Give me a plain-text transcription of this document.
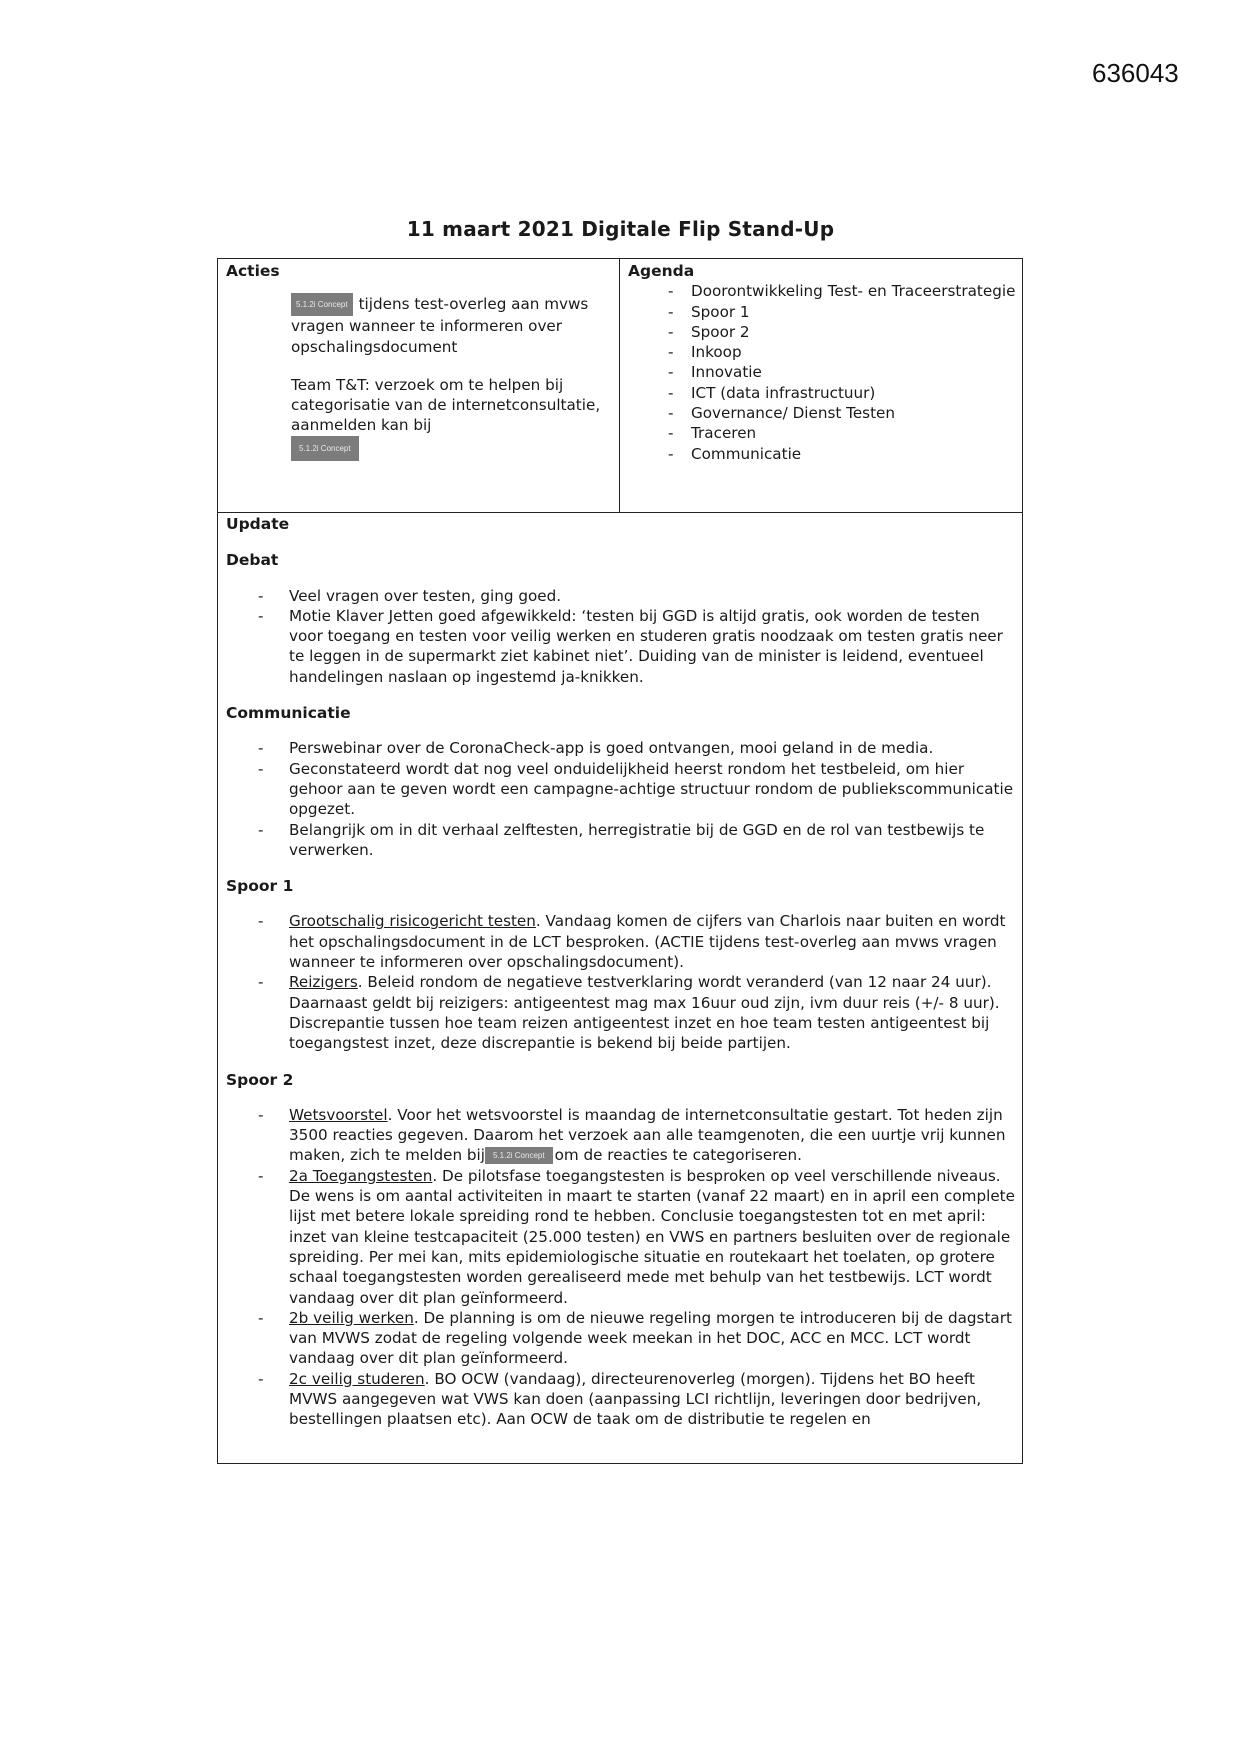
636043
11 maart 2021 Digitale Flip Stand-Up
Acties

5.1.2i Concept tijdens test-overleg aan mvws vragen wanneer te informeren over opschalingsdocument

Team T&T: verzoek om te helpen bij categorisatie van de internetconsultatie, aanmelden kan bij
5.1.2i Concept

Agenda
- Doorontwikkeling Test- en Traceerstrategie
- Spoor 1
- Spoor 2
- Inkoop
- Innovatie
- ICT (data infrastructuur)
- Governance/ Dienst Testen
- Traceren
- Communicatie
Update
Debat
- Veel vragen over testen, ging goed.
- Motie Klaver Jetten goed afgewikkeld: ‘testen bij GGD is altijd gratis, ook worden de testen voor toegang en testen voor veilig werken en studeren gratis noodzaak om testen gratis neer te leggen in de supermarkt ziet kabinet niet’. Duiding van de minister is leidend, eventueel handelingen naslaan op ingestemd ja-knikken.
Communicatie
- Perswebinar over de CoronaCheck-app is goed ontvangen, mooi geland in de media.
- Geconstateerd wordt dat nog veel onduidelijkheid heerst rondom het testbeleid, om hier gehoor aan te geven wordt een campagne-achtige structuur rondom de publiekscommunicatie opgezet.
- Belangrijk om in dit verhaal zelftesten, herregistratie bij de GGD en de rol van testbewijs te verwerken.
Spoor 1
- Grootschalig risicogericht testen. Vandaag komen de cijfers van Charlois naar buiten en wordt het opschalingsdocument in de LCT besproken. (ACTIE tijdens test-overleg aan mvws vragen wanneer te informeren over opschalingsdocument).
- Reizigers. Beleid rondom de negatieve testverklaring wordt veranderd (van 12 naar 24 uur). Daarnaast geldt bij reizigers: antigeentest mag max 16uur oud zijn, ivm duur reis (+/- 8 uur). Discrepantie tussen hoe team reizen antigeentest inzet en hoe team testen antigeentest bij toegangstest inzet, deze discrepantie is bekend bij beide partijen.
Spoor 2
- Wetsvoorstel. Voor het wetsvoorstel is maandag de internetconsultatie gestart. Tot heden zijn 3500 reacties gegeven. Daarom het verzoek aan alle teamgenoten, die een uurtje vrij kunnen maken, zich te melden bij 5.1.2i Concept om de reacties te categoriseren.
- 2a Toegangstesten. De pilotsfase toegangstesten is besproken op veel verschillende niveaus. De wens is om aantal activiteiten in maart te starten (vanaf 22 maart) en in april een complete lijst met betere lokale spreiding rond te hebben. Conclusie toegangstesten tot en met april: inzet van kleine testcapaciteit (25.000 testen) en VWS en partners besluiten over de regionale spreiding. Per mei kan, mits epidemiologische situatie en routekaart het toelaten, op grotere schaal toegangstesten worden gerealiseerd mede met behulp van het testbewijs. LCT wordt vandaag over dit plan geïnformeerd.
- 2b veilig werken. De planning is om de nieuwe regeling morgen te introduceren bij de dagstart van MVWS zodat de regeling volgende week meekan in het DOC, ACC en MCC. LCT wordt vandaag over dit plan geïnformeerd.
- 2c veilig studeren. BO OCW (vandaag), directeurenoverleg (morgen). Tijdens het BO heeft MVWS aangegeven wat VWS kan doen (aanpassing LCI richtlijn, leveringen door bedrijven, bestellingen plaatsen etc). Aan OCW de taak om de distributie te regelen en
